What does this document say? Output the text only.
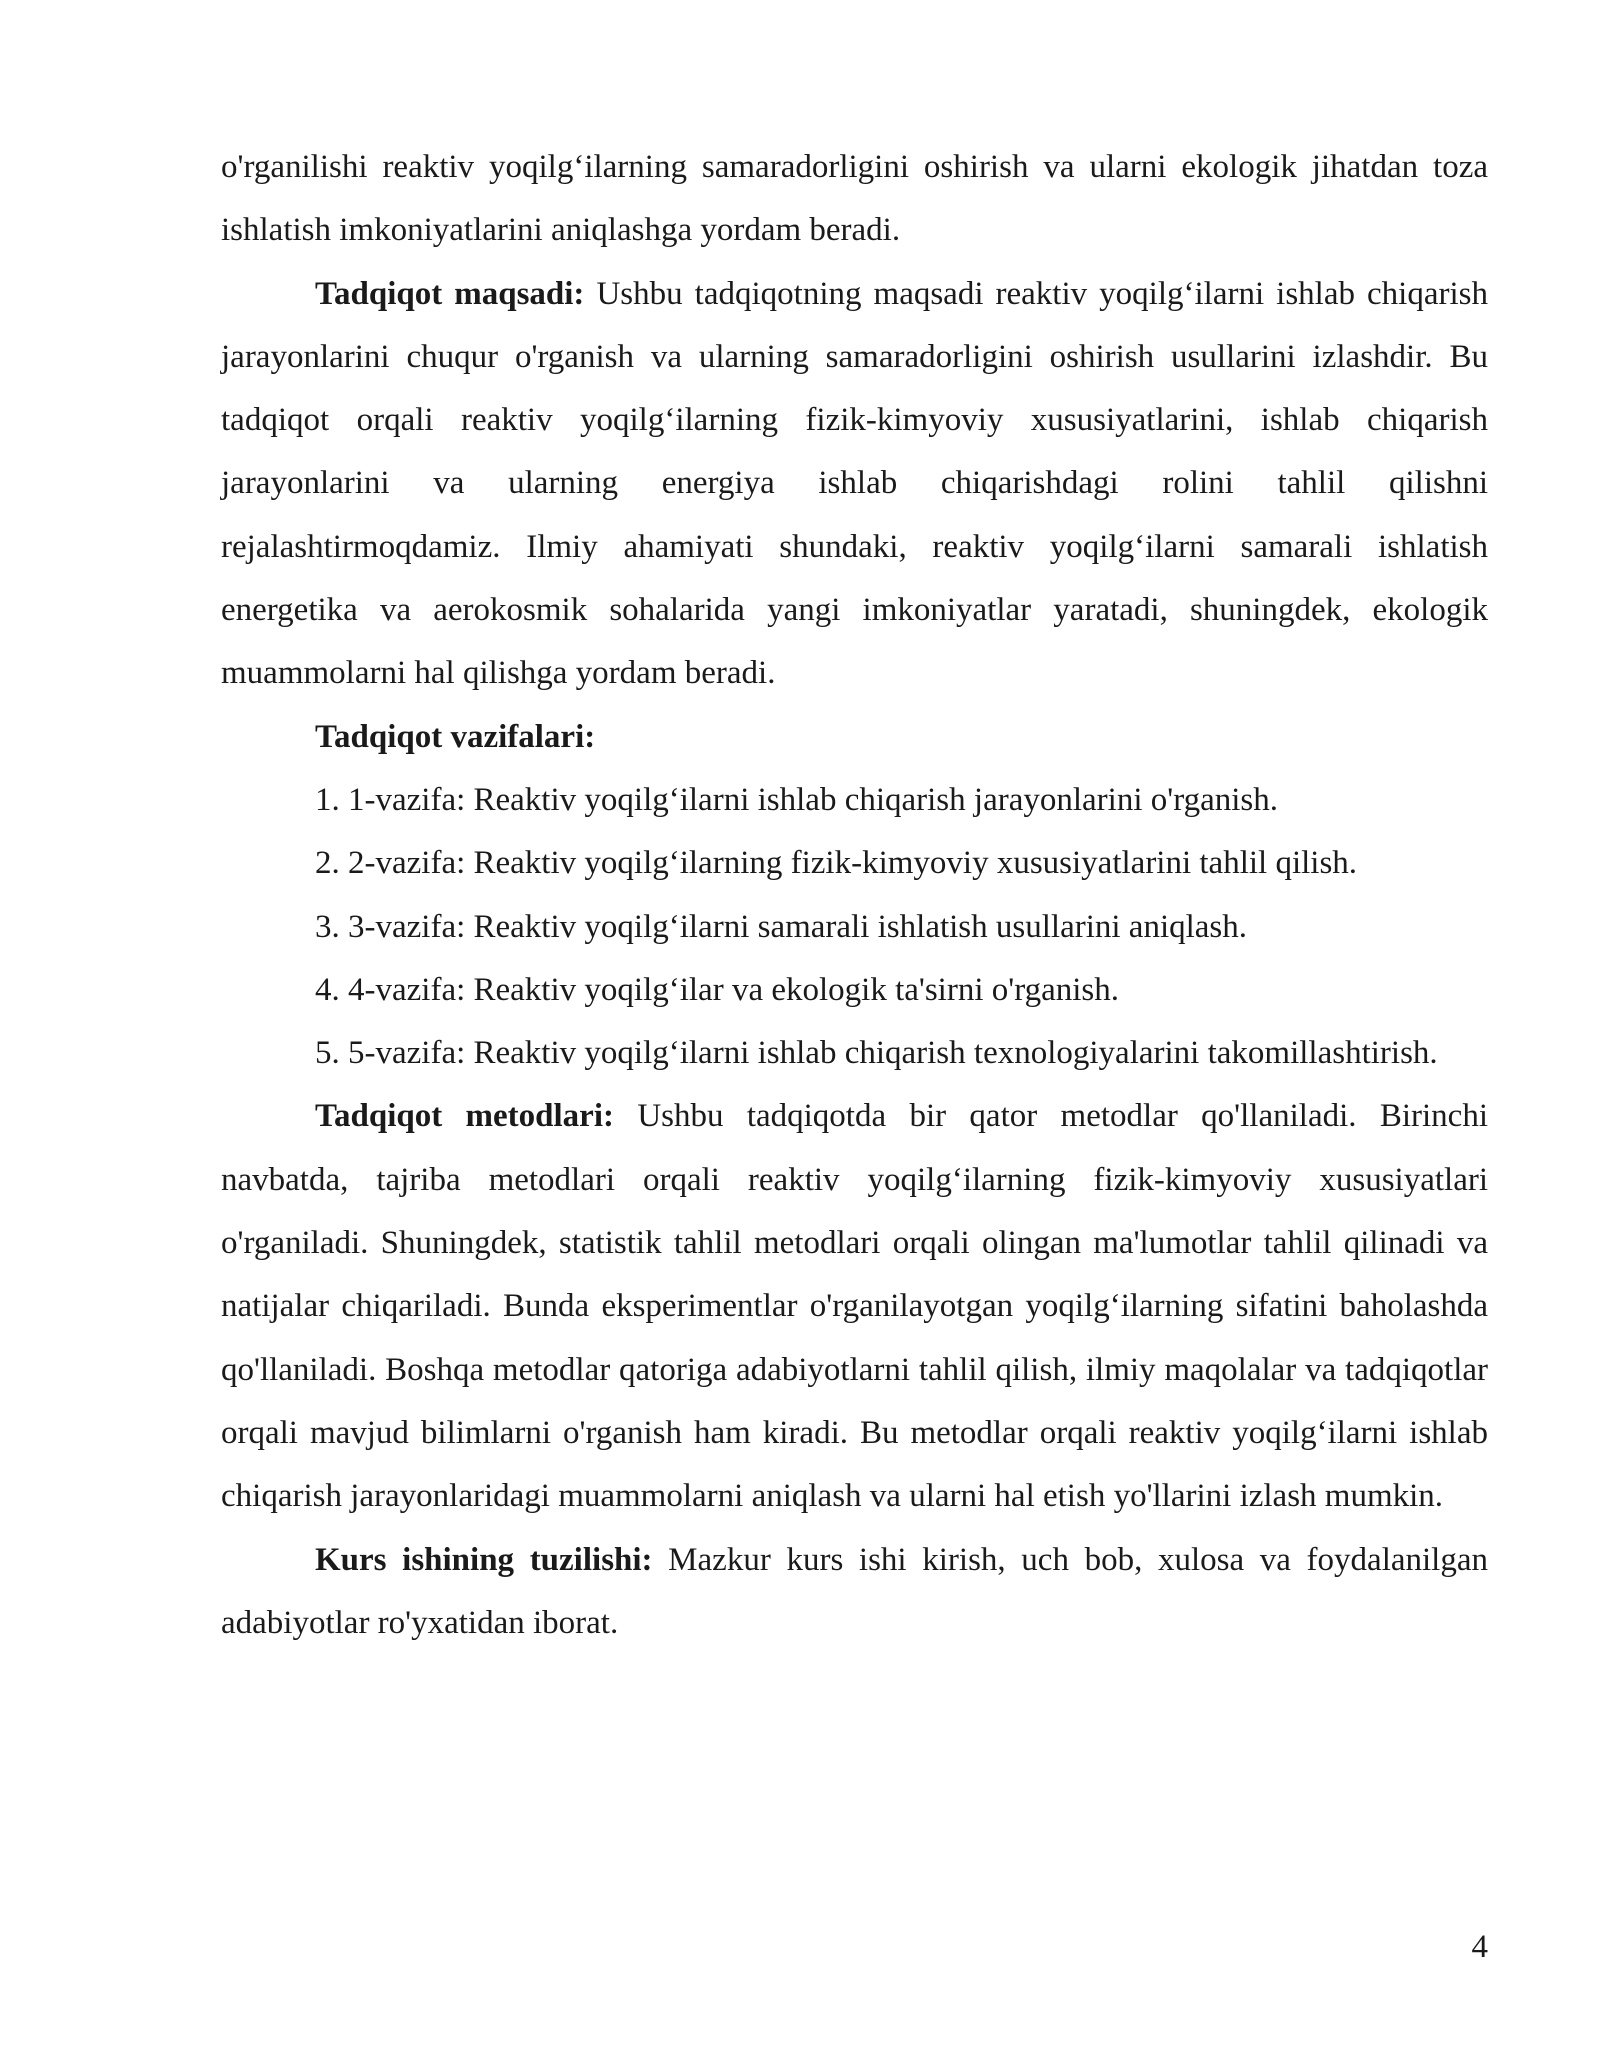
o'rganilishi reaktiv yoqilg‘ilarning samaradorligini oshirish va ularni ekologik jihatdan toza ishlatish imkoniyatlarini aniqlashga yordam beradi.

Tadqiqot maqsadi: Ushbu tadqiqotning maqsadi reaktiv yoqilg‘ilarni ishlab chiqarish jarayonlarini chuqur o'rganish va ularning samaradorligini oshirish usullarini izlashdir. Bu tadqiqot orqali reaktiv yoqilg‘ilarning fizik-kimyoviy xususiyatlarini, ishlab chiqarish jarayonlarini va ularning energiya ishlab chiqarishdagi rolini tahlil qilishni rejalashtirmoqdamiz. Ilmiy ahamiyati shundaki, reaktiv yoqilg‘ilarni samarali ishlatish energetika va aerokosmik sohalarida yangi imkoniyatlar yaratadi, shuningdek, ekologik muammolarni hal qilishga yordam beradi.

Tadqiqot vazifalari:

1. 1-vazifa: Reaktiv yoqilg‘ilarni ishlab chiqarish jarayonlarini o'rganish.

2. 2-vazifa: Reaktiv yoqilg‘ilarning fizik-kimyoviy xususiyatlarini tahlil qilish.

3. 3-vazifa: Reaktiv yoqilg‘ilarni samarali ishlatish usullarini aniqlash.

4. 4-vazifa: Reaktiv yoqilg‘ilar va ekologik ta'sirni o'rganish.

5. 5-vazifa: Reaktiv yoqilg‘ilarni ishlab chiqarish texnologiyalarini takomillashtirish.

Tadqiqot metodlari: Ushbu tadqiqotda bir qator metodlar qo'llaniladi. Birinchi navbatda, tajriba metodlari orqali reaktiv yoqilg‘ilarning fizik-kimyoviy xususiyatlari o'rganiladi. Shuningdek, statistik tahlil metodlari orqali olingan ma'lumotlar tahlil qilinadi va natijalar chiqariladi. Bunda eksperimentlar o'rganilayotgan yoqilg‘ilarning sifatini baholashda qo'llaniladi. Boshqa metodlar qatoriga adabiyotlarni tahlil qilish, ilmiy maqolalar va tadqiqotlar orqali mavjud bilimlarni o'rganish ham kiradi. Bu metodlar orqali reaktiv yoqilg‘ilarni ishlab chiqarish jarayonlaridagi muammolarni aniqlash va ularni hal etish yo'llarini izlash mumkin.

Kurs ishining tuzilishi: Mazkur kurs ishi kirish, uch bob, xulosa va foydalanilgan adabiyotlar ro'yxatidan iborat.

4
